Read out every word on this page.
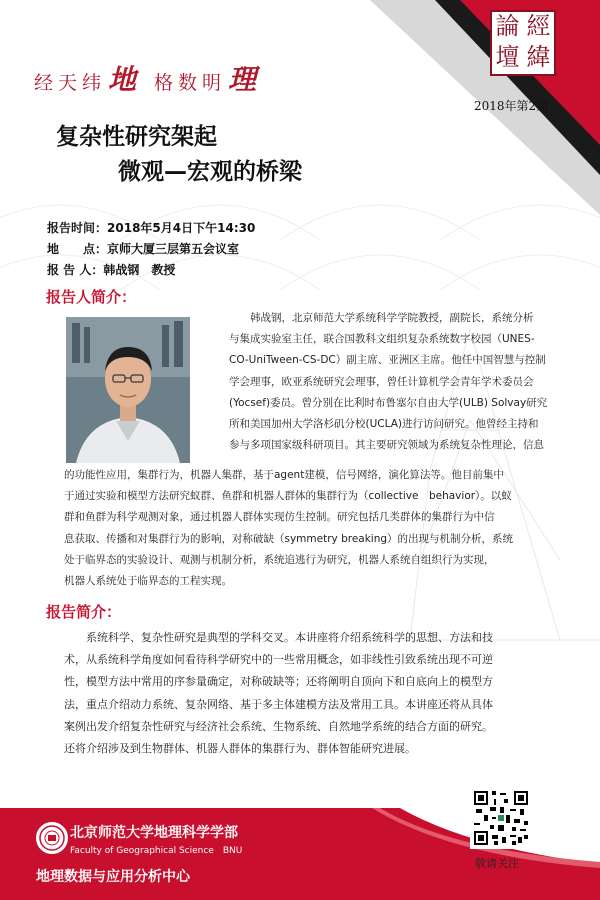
論 經
壇 緯
2018年第2期
经天纬地 格数明理
复杂性研究架起
微观—宏观的桥梁
报告时间：2018年5月4日下午14:30
地　　点：京师大厦三层第五会议室
报 告 人：韩战钢　教授
报告人简介：
　　韩战钢，北京师范大学系统科学学院教授，副院长，系统分析
与集成实验室主任，联合国教科文组织复杂系统数字校园（UNES-
CO-UniTween-CS-DC）副主席、亚洲区主席。他任中国智慧与控制
学会理事，欧亚系统研究会理事，曾任计算机学会青年学术委员会
(Yocsef)委员。曾分别在比利时布鲁塞尔自由大学(ULB) Solvay研究
所和美国加州大学洛杉矶分校(UCLA)进行访问研究。他曾经主持和
参与多项国家级科研项目。其主要研究领域为系统复杂性理论，信息
的功能性应用，集群行为，机器人集群，基于agent建模，信号网络，演化算法等。他目前集中
于通过实验和模型方法研究蚁群、鱼群和机器人群体的集群行为（collective　behavior）。以蚁
群和鱼群为科学观测对象，通过机器人群体实现仿生控制。研究包括几类群体的集群行为中信
息获取、传播和对集群行为的影响，对称破缺（symmetry breaking）的出现与机制分析，系统
处于临界态的实验设计、观测与机制分析，系统追逃行为研究，机器人系统自组织行为实现，
机器人系统处于临界态的工程实现。
报告简介：
　　系统科学、复杂性研究是典型的学科交叉。本讲座将介绍系统科学的思想、方法和技
术，从系统科学角度如何看待科学研究中的一些常用概念，如非线性引致系统出现不可逆
性，模型方法中常用的序参量确定，对称破缺等；还将阐明自顶向下和自底向上的模型方
法，重点介绍动力系统、复杂网络、基于多主体建模方法及常用工具。本讲座还将从具体
案例出发介绍复杂性研究与经济社会系统、生物系统、自然地学系统的结合方面的研究。
还将介绍涉及到生物群体、机器人群体的集群行为、群体智能研究进展。
北京师范大学地理科学学部
Faculty of Geographical Science　BNU
地理数据与应用分析中心
敬请关注
